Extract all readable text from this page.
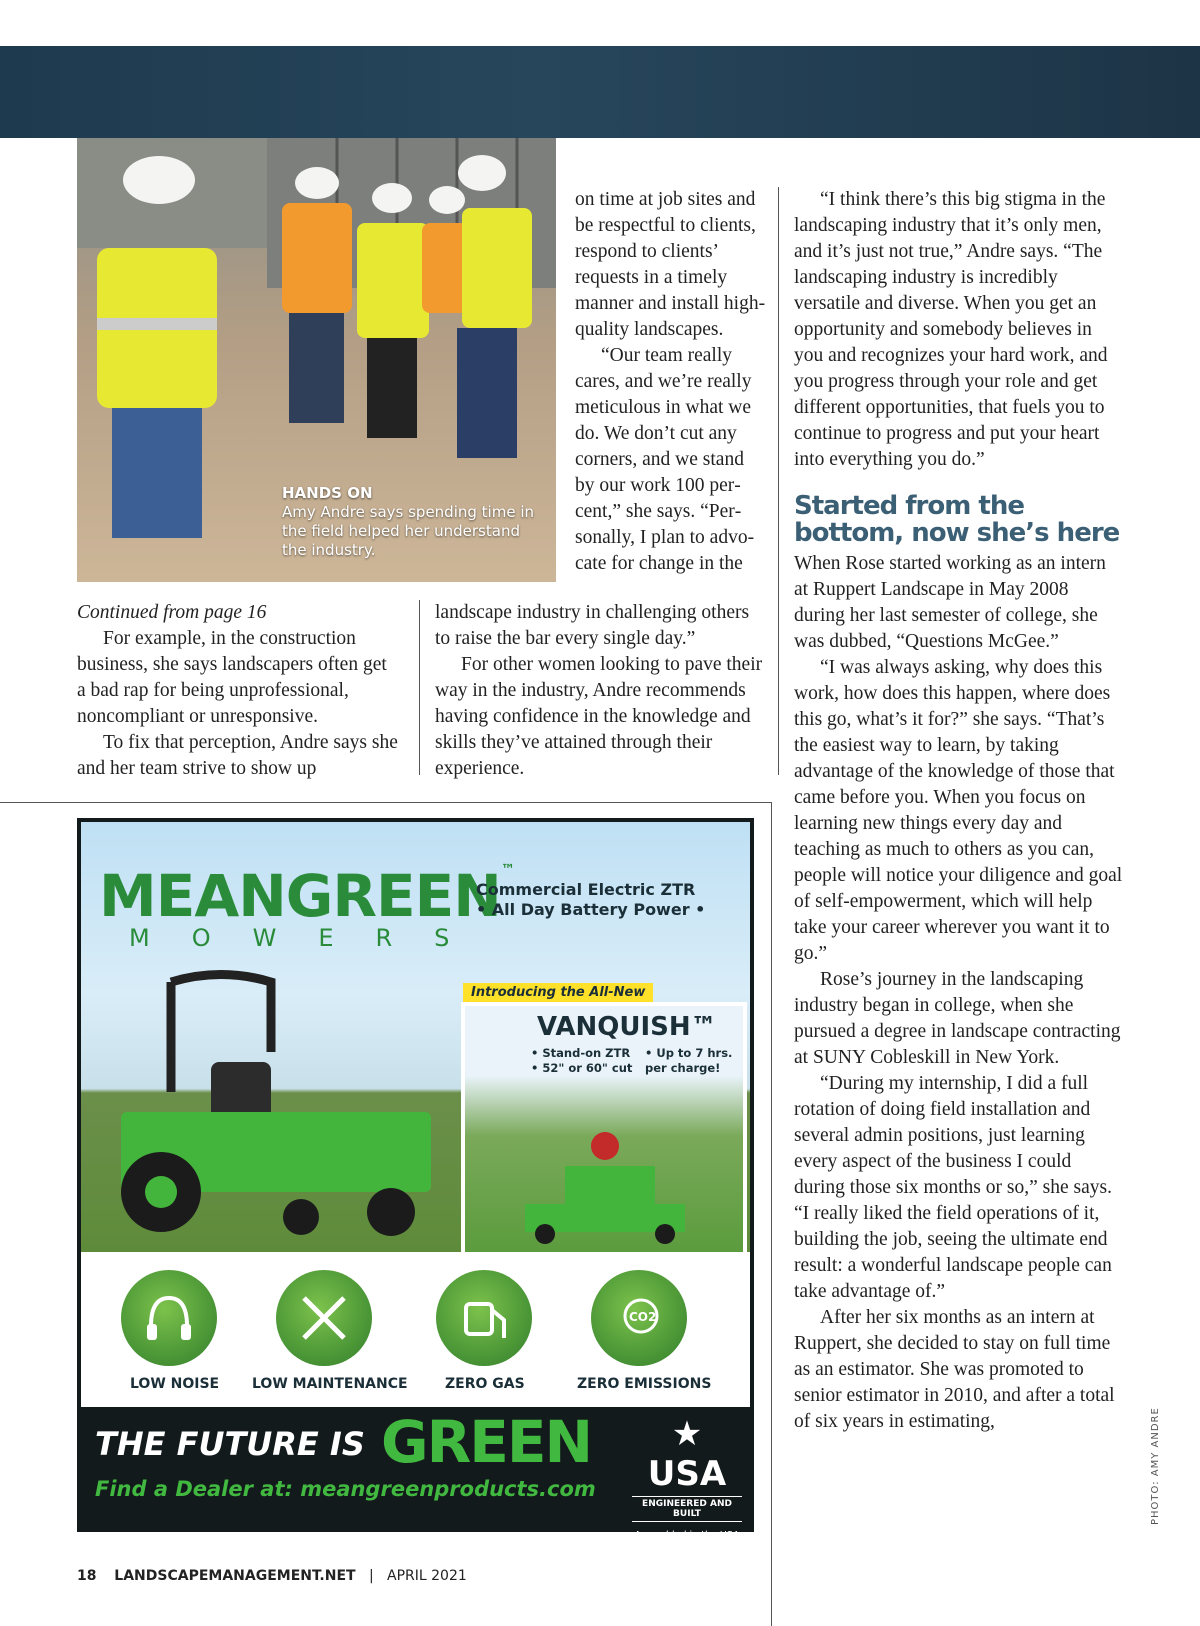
HANDS ON
Amy Andre says spending time in the field helped her understand the industry.

Continued from page 16

For example, in the construction business, she says landscapers often get a bad rap for being unprofessional, noncompliant or unresponsive.

To fix that perception, Andre says she and her team strive to show up

on time at job sites and be respectful to clients, respond to clients’ requests in a timely manner and install high-quality landscapes.

“Our team really cares, and we’re really meticulous in what we do. We don’t cut any corners, and we stand by our work 100 percent,” she says. “Personally, I plan to advocate for change in the

landscape industry in challenging others to raise the bar every single day.”

For other women looking to pave their way in the industry, Andre recommends having confidence in the knowledge and skills they’ve attained through their experience.

“I think there’s this big stigma in the landscaping industry that it’s only men, and it’s just not true,” Andre says. “The landscaping industry is incredibly versatile and diverse. When you get an opportunity and somebody believes in you and recognizes your hard work, and you progress through your role and get different opportunities, that fuels you to continue to progress and put your heart into everything you do.”

Started from the bottom, now she’s here

When Rose started working as an intern at Ruppert Landscape in May 2008 during her last semester of college, she was dubbed, “Questions McGee.”

“I was always asking, why does this work, how does this happen, where does this go, what’s it for?” she says. “That’s the easiest way to learn, by taking advantage of the knowledge of those that came before you. When you focus on learning new things every day and teaching as much to others as you can, people will notice your diligence and goal of self-empowerment, which will help take your career wherever you want it to go.”

Rose’s journey in the landscaping industry began in college, when she pursued a degree in landscape contracting at SUNY Cobleskill in New York.

“During my internship, I did a full rotation of doing field installation and several admin positions, just learning every aspect of the business I could during those six months or so,” she says. “I really liked the field operations of it, building the job, seeing the ultimate end result: a wonderful landscape people can take advantage of.”

After her six months as an intern at Ruppert, she decided to stay on full time as an estimator. She was promoted to senior estimator in 2010, and after a total of six years in estimating,	PHOTO: AMY ANDRE
MEANGREEN™
MOWERS
Commercial Electric ZTR
• All Day Battery Power •
Introducing the All-New
VANQUISH™
• Stand-on ZTR
• 52" or 60" cut
• Up to 7 hrs.
per charge!
CO2
LOW NOISE LOW MAINTENANCE	ZERO GAS	ZERO EMISSIONS
THE FUTURE IS GREEN
Find a Dealer at: meangreenproducts.com
★ USA
ENGINEERED AND BUILT
Assembled in the USA using domestic and foreign parts.
18 LANDSCAPEMANAGEMENT.NET | APRIL 2021
